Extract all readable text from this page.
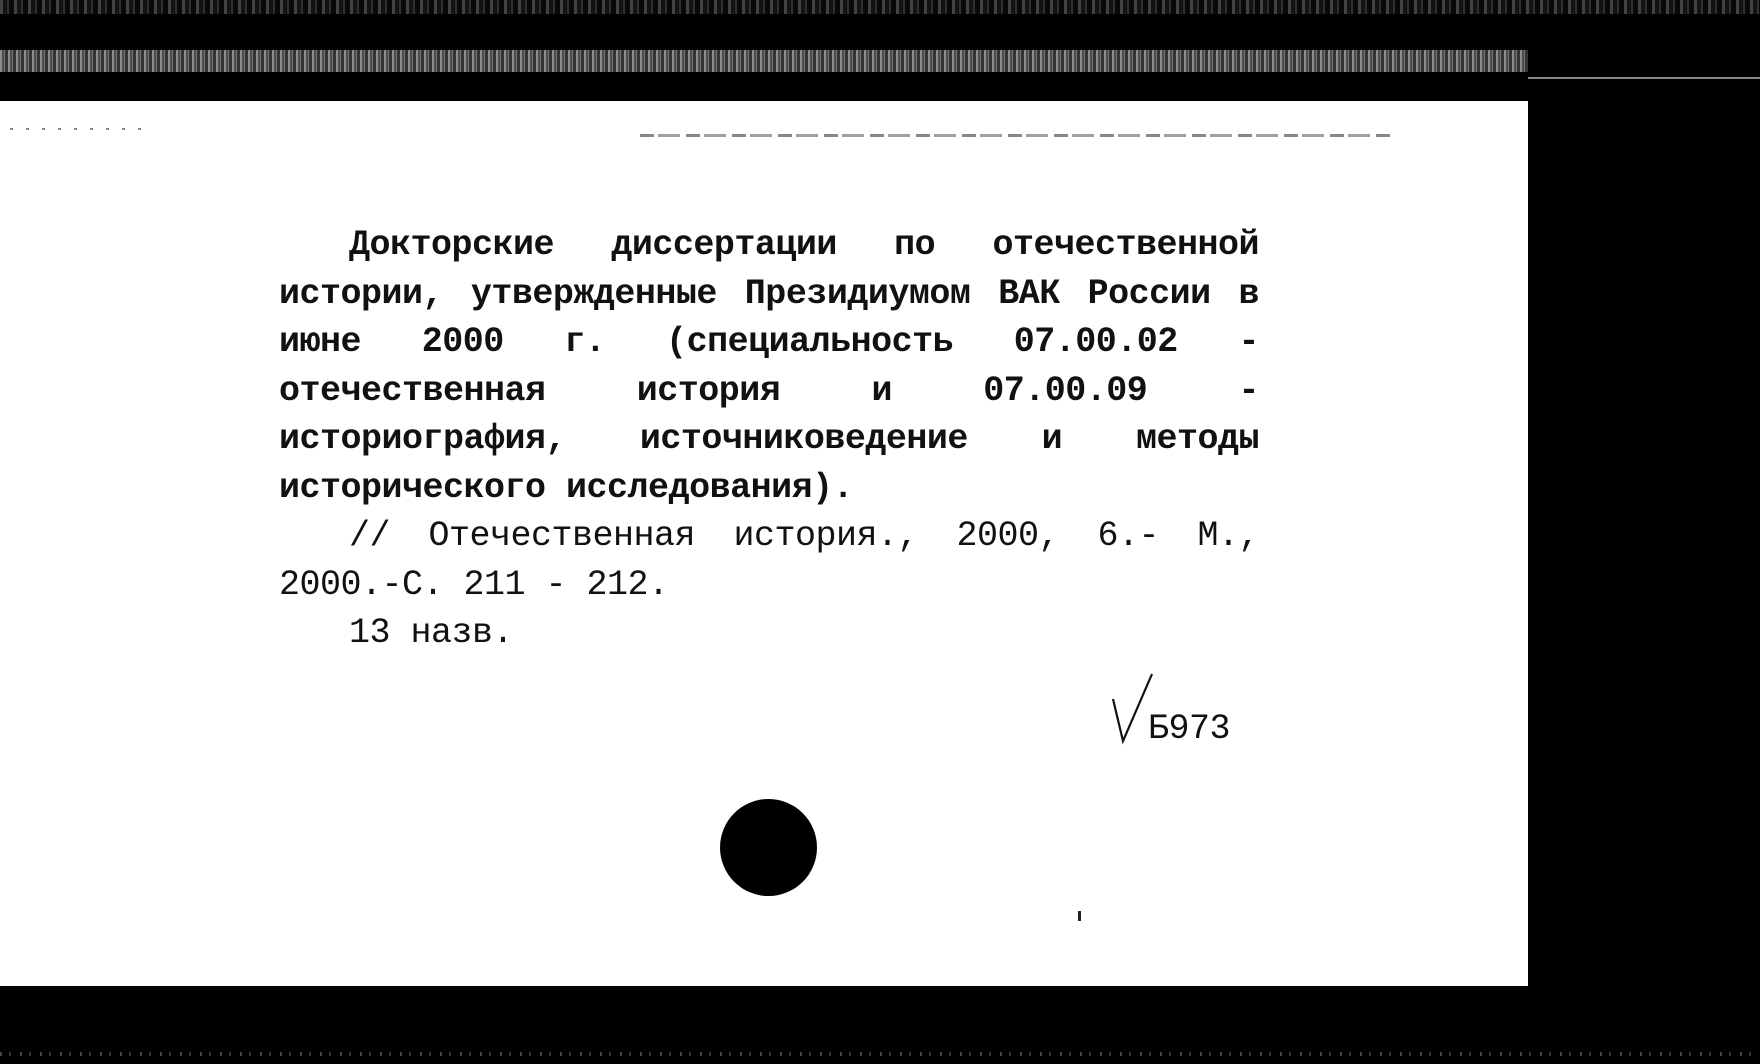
Докторские диссертации по отечественной истории, утвержденные Президиумом ВАК России в июне 2000 г. (специальность 07.00.02 - отечественная история и 07.00.09 - историография, источниковедение и методы исторического исследования).

// Отечественная история., 2000, 6.- М., 2000.-С. 211 - 212.

13 назв.

Б973
